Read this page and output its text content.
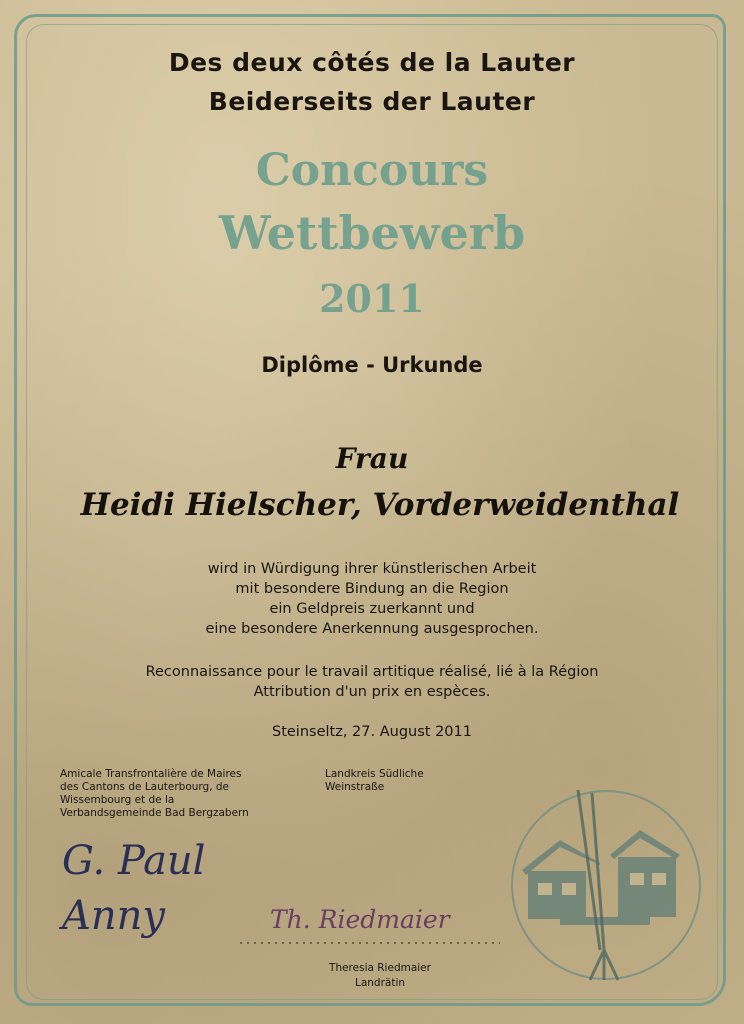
Des deux côtés de la Lauter
Beiderseits der Lauter
Concours
Wettbewerb
2011
Diplôme - Urkunde
Frau
Heidi Hielscher, Vorderweidenthal
wird in Würdigung ihrer künstlerischen Arbeit
mit besondere Bindung an die Region
ein Geldpreis zuerkannt und
eine besondere Anerkennung ausgesprochen.
Reconnaissance pour le travail artitique réalisé, lié à la Région
Attribution d'un prix en espèces.
Steinseltz, 27. August 2011
Amicale Transfrontalière de Maires
des Cantons de Lauterbourg, de
Wissembourg et de la
Verbandsgemeinde Bad Bergzabern
Landkreis Südliche
Weinstraße
G. Paul
Anny	Th. Riedmaier
Theresia Riedmaier
Landrätin
